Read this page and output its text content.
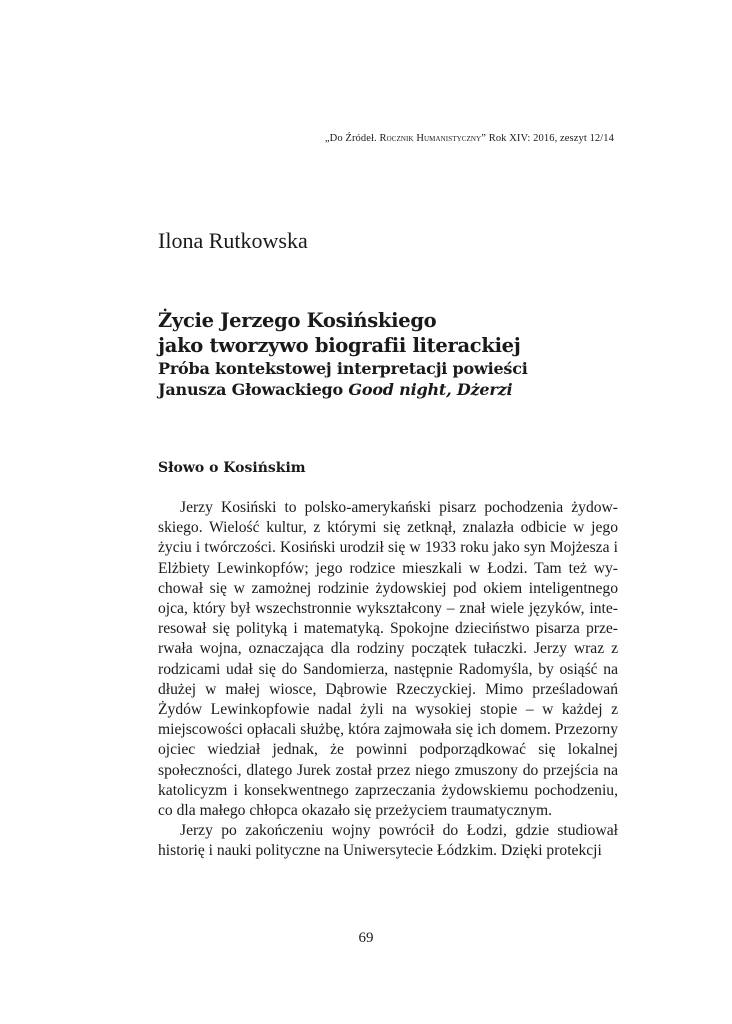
„Do Źródeł. Rocznik Humanistyczny” Rok XIV: 2016, zeszyt 12/14
Ilona Rutkowska
Życie Jerzego Kosińskiego
jako tworzywo biografii literackiej
Próba kontekstowej interpretacji powieści
Janusza Głowackiego Good night, Dżerzi
Słowo o Kosińskim

Jerzy Kosiński to polsko-amerykański pisarz pochodzenia żydowskiego. Wielość kultur, z którymi się zetknął, znalazła odbicie w jego życiu i twórczości. Kosiński urodził się w 1933 roku jako syn Mojżesza i Elżbiety Lewinkopfów; jego rodzice mieszkali w Łodzi. Tam też wychował się w zamożnej rodzinie żydowskiej pod okiem inteligentnego ojca, który był wszechstronnie wykształcony – znał wiele języków, interesował się polityką i matematyką. Spokojne dzieciństwo pisarza przerwała wojna, oznaczająca dla rodziny początek tułaczki. Jerzy wraz z rodzicami udał się do Sandomierza, następnie Radomyśla, by osiąść na dłużej w małej wiosce, Dąbrowie Rzeczyckiej. Mimo prześladowań Żydów Lewinkopfowie nadal żyli na wysokiej stopie – w każdej z miejscowości opłacali służbę, która zajmowała się ich domem. Przezorny ojciec wiedział jednak, że powinni podporządkować się lokalnej społeczności, dlatego Jurek został przez niego zmuszony do przejścia na katolicyzm i konsekwentnego zaprzeczania żydowskiemu pochodzeniu, co dla małego chłopca okazało się przeżyciem traumatycznym.

Jerzy po zakończeniu wojny powrócił do Łodzi, gdzie studiował historię i nauki polityczne na Uniwersytecie Łódzkim. Dzięki protekcji

69
